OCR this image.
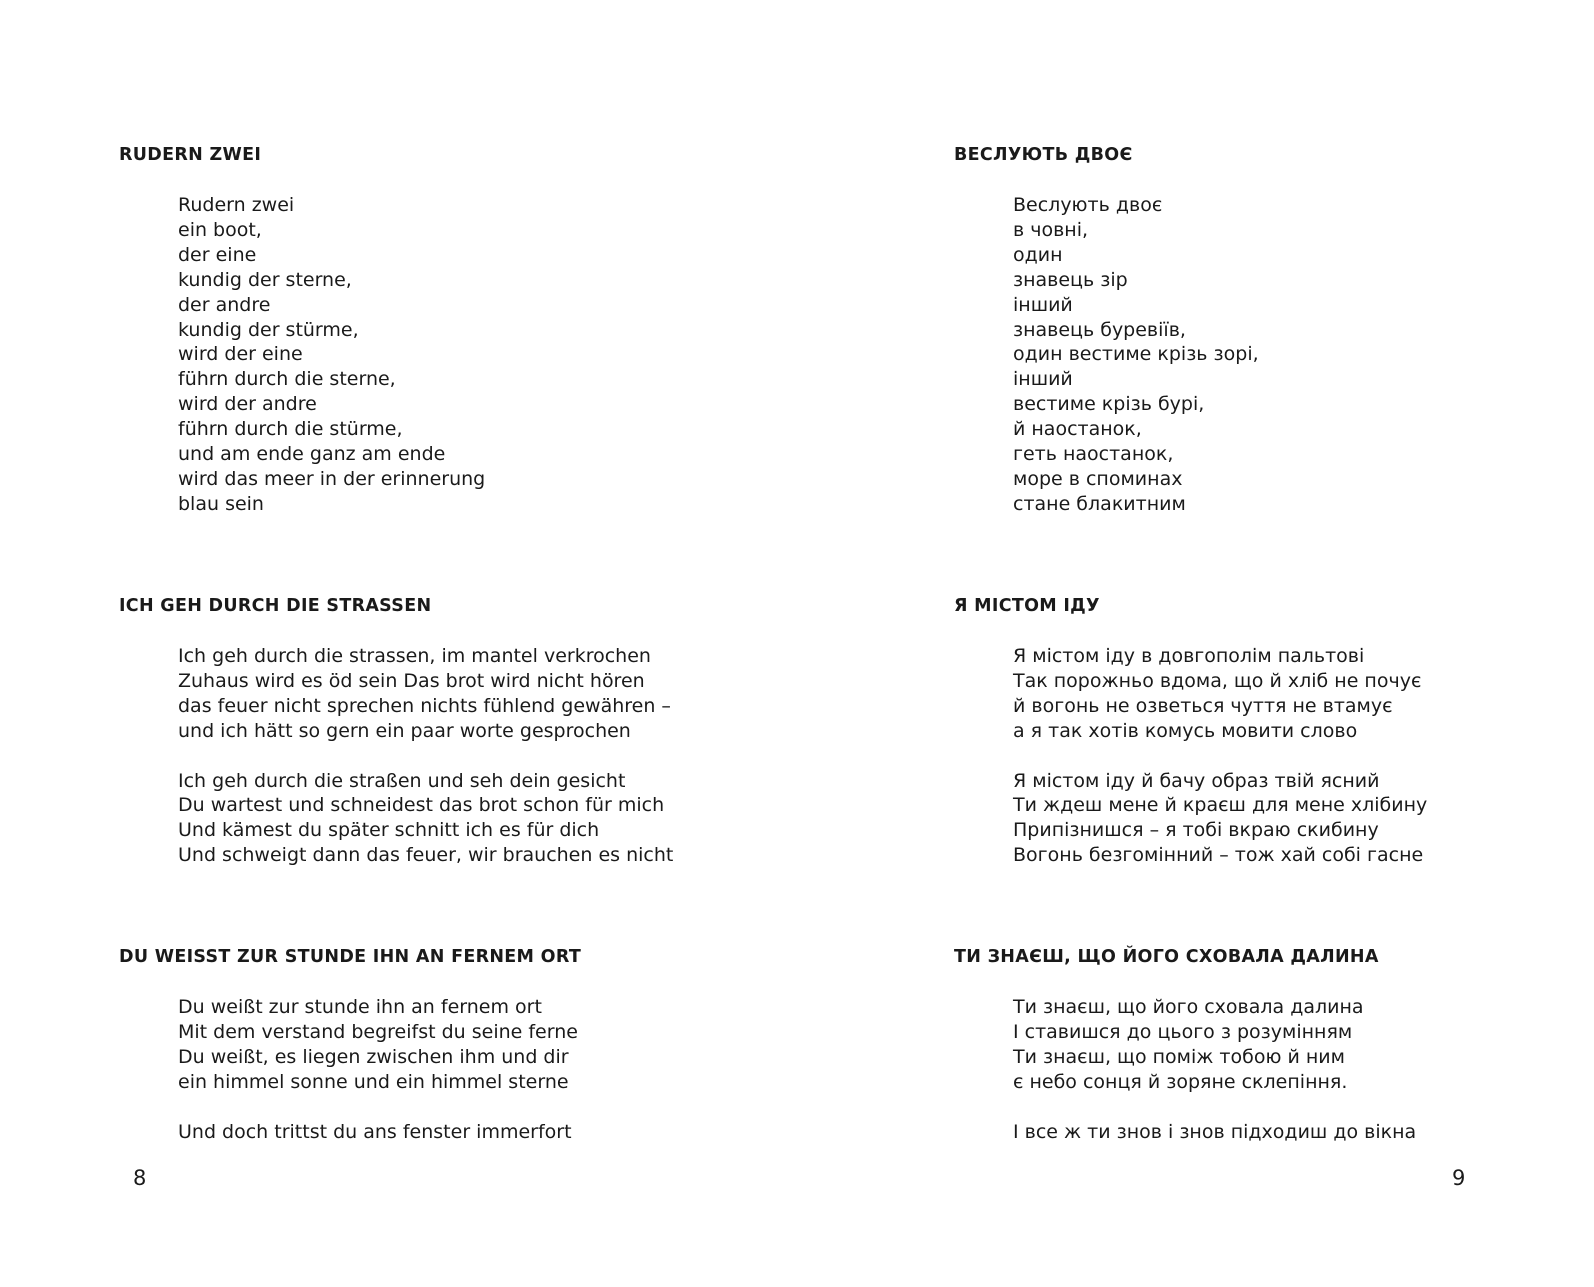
RUDERN ZWEI
Rudern zwei
ein boot,
der eine
kundig der sterne,
der andre
kundig der stürme,
wird der eine
führn durch die sterne,
wird der andre
führn durch die stürme,
und am ende ganz am ende
wird das meer in der erinnerung
blau sein
ICH GEH DURCH DIE STRASSEN
Ich geh durch die strassen, im mantel verkrochen
Zuhaus wird es öd sein Das brot wird nicht hören
das feuer nicht sprechen nichts fühlend gewähren –
und ich hätt so gern ein paar worte gesprochen
Ich geh durch die straßen und seh dein gesicht
Du wartest und schneidest das brot schon für mich
Und kämest du später schnitt ich es für dich
Und schweigt dann das feuer, wir brauchen es nicht
DU WEISST ZUR STUNDE IHN AN FERNEM ORT
Du weißt zur stunde ihn an fernem ort
Mit dem verstand begreifst du seine ferne
Du weißt, es liegen zwischen ihm und dir
ein himmel sonne und ein himmel sterne
Und doch trittst du ans fenster immerfort
8
ВЕСЛУЮТЬ ДВОЄ
Веслують двоє
в човні,
один
знавець зір
інший
знавець буревіїв,
один вестиме крізь зорі,
інший
вестиме крізь бурі,
й наостанок,
геть наостанок,
море в споминах
стане блакитним
Я МІСТОМ ІДУ
Я містом іду в довгополім пальтові
Так порожньо вдома, що й хліб не почує
й вогонь не озветься чуття не втамує
а я так хотів комусь мовити слово
Я містом іду й бачу образ твій ясний
Ти ждеш мене й краєш для мене хлібину
Припізнишся – я тобі вкраю скибину
Вогонь безгомінний – тож хай собі гасне
ТИ ЗНАЄШ, ЩО ЙОГО СХОВАЛА ДАЛИНА
Ти знаєш, що його сховала далина
І ставишся до цього з розумінням
Ти знаєш, що поміж тобою й ним
є небо сонця й зоряне склепіння.
І все ж ти знов і знов підходиш до вікна
9
